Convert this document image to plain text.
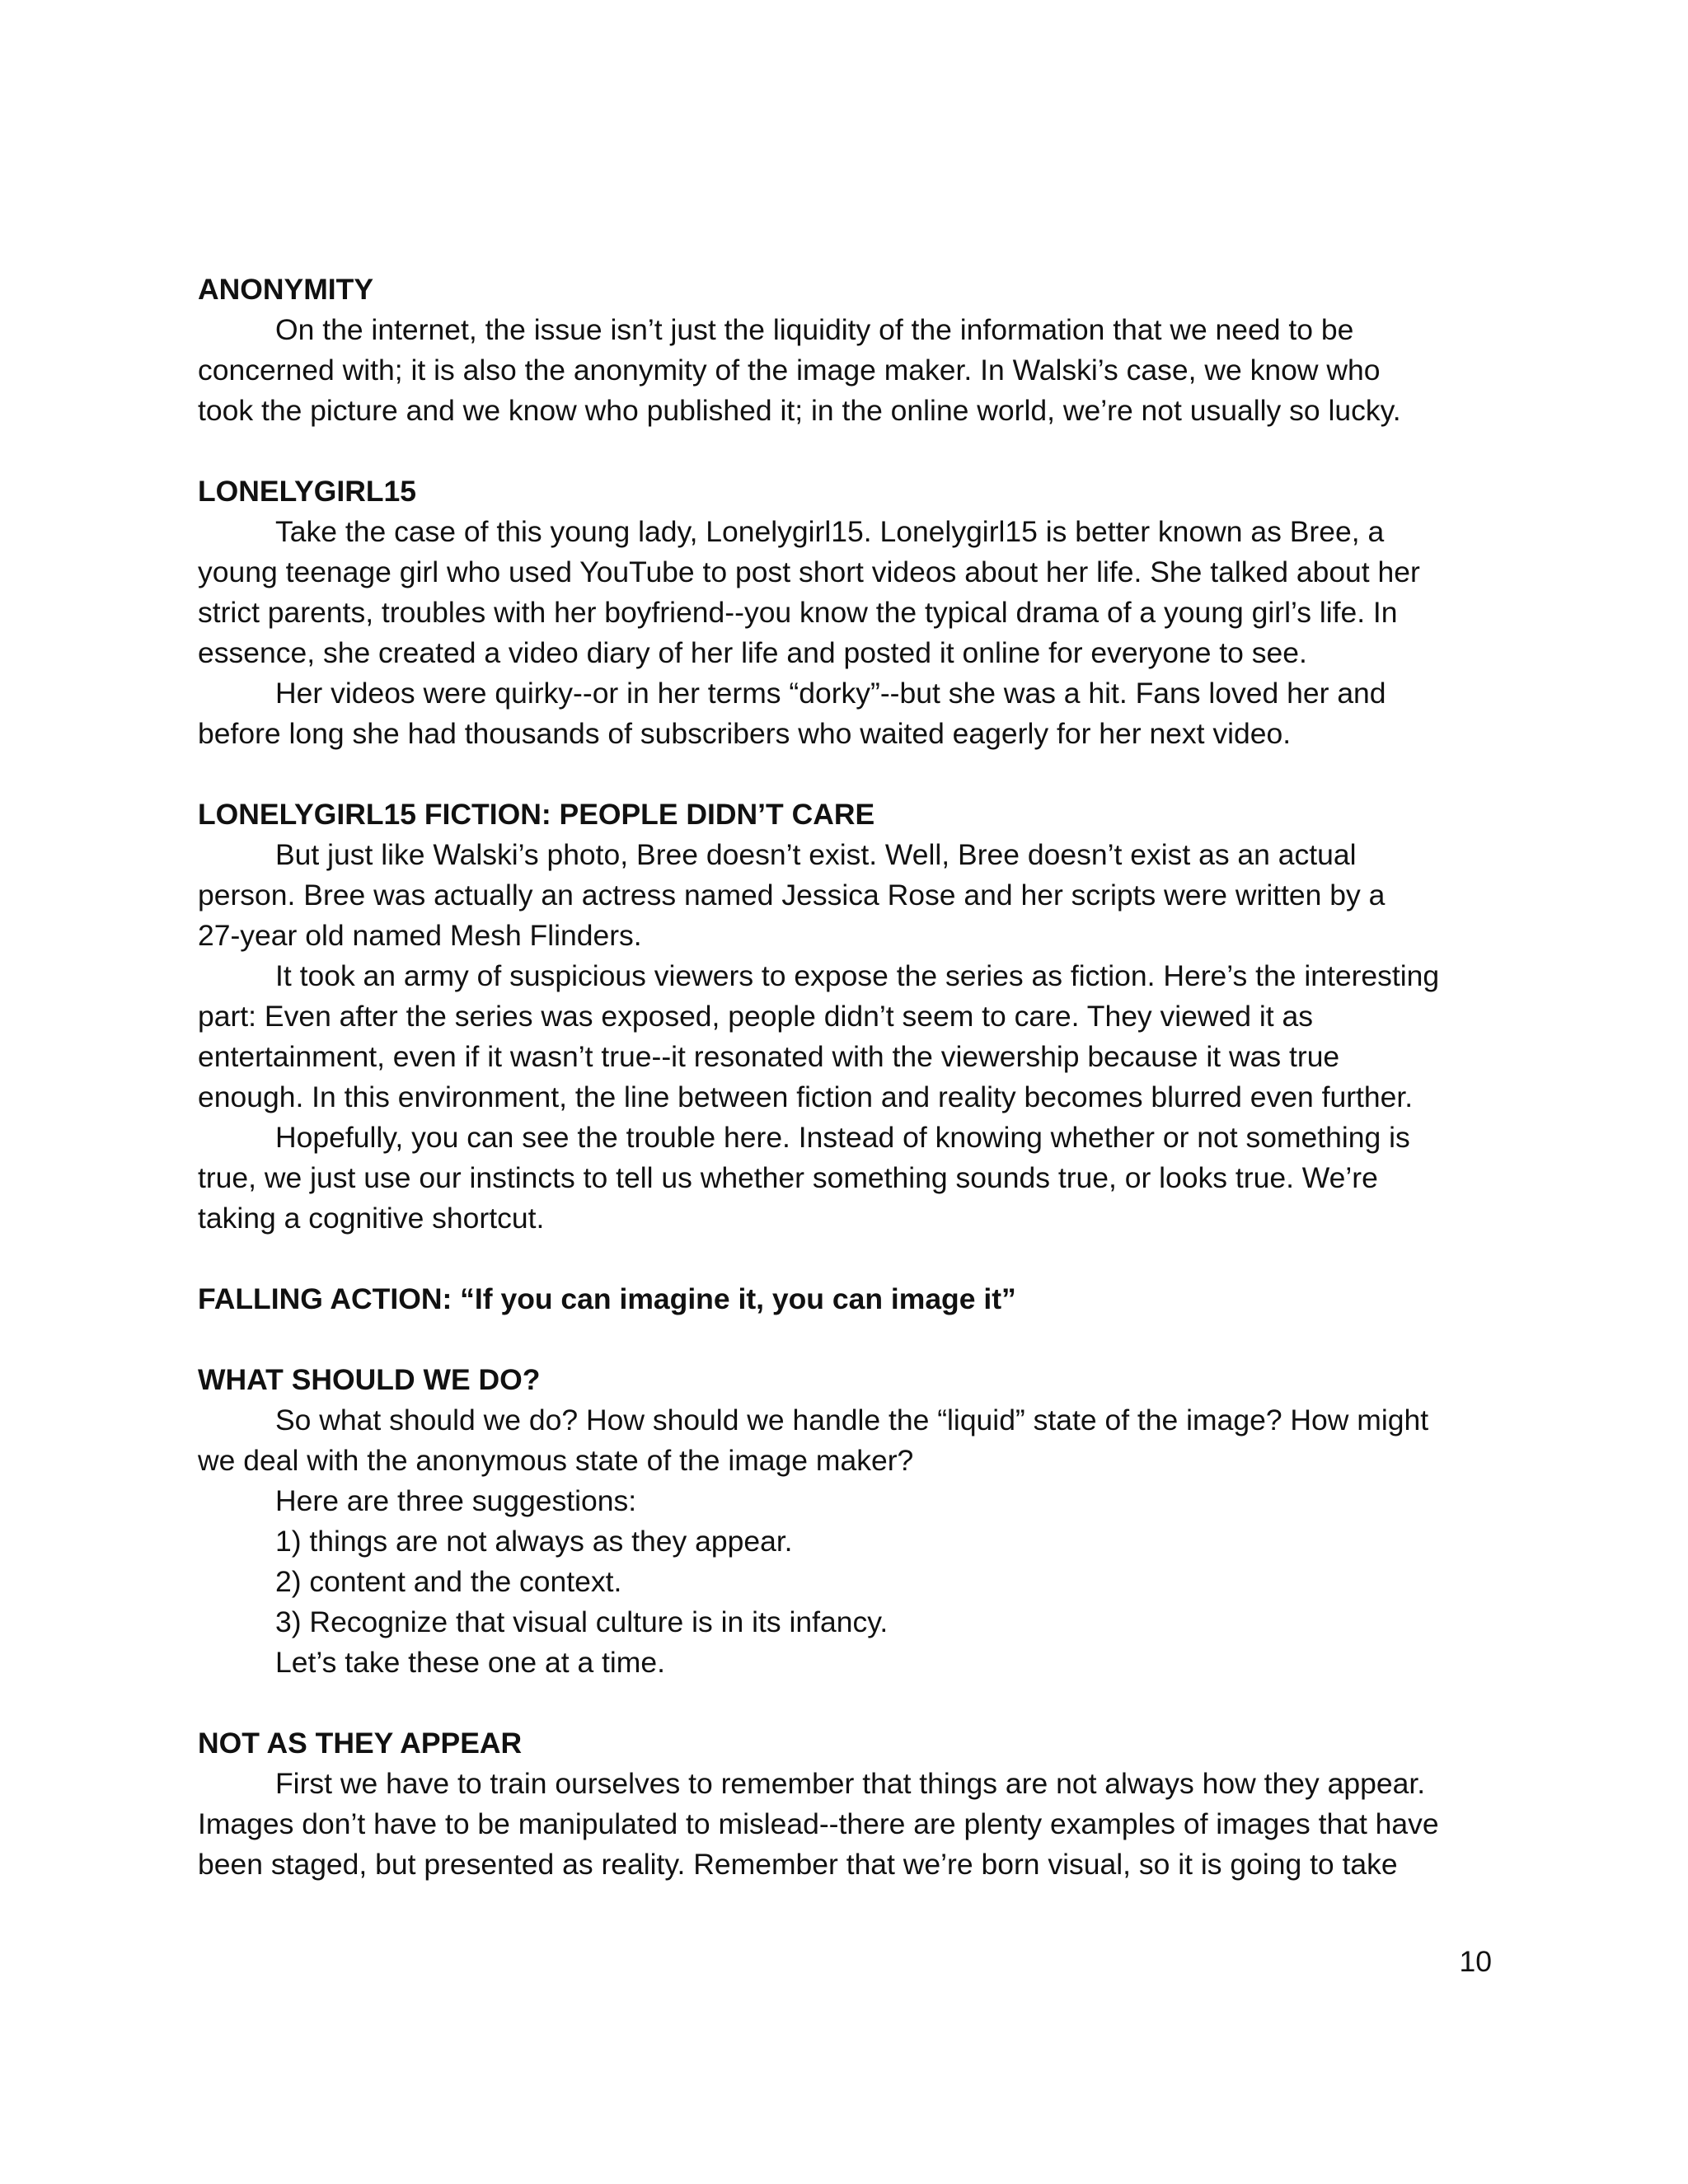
ANONYMITY
On the internet, the issue isn’t just the liquidity of the information that we need to be
concerned with; it is also the anonymity of the image maker. In Walski’s case, we know who
took the picture and we know who published it; in the online world, we’re not usually so lucky.
LONELYGIRL15
Take the case of this young lady, Lonelygirl15. Lonelygirl15 is better known as Bree, a
young teenage girl who used YouTube to post short videos about her life. She talked about her
strict parents, troubles with her boyfriend--you know the typical drama of a young girl’s life. In
essence, she created a video diary of her life and posted it online for everyone to see.
Her videos were quirky--or in her terms “dorky”--but she was a hit. Fans loved her and
before long she had thousands of subscribers who waited eagerly for her next video.
LONELYGIRL15 FICTION: PEOPLE DIDN’T CARE
But just like Walski’s photo, Bree doesn’t exist. Well, Bree doesn’t exist as an actual
person. Bree was actually an actress named Jessica Rose and her scripts were written by a
27-year old named Mesh Flinders.
It took an army of suspicious viewers to expose the series as fiction. Here’s the interesting
part: Even after the series was exposed, people didn’t seem to care. They viewed it as
entertainment, even if it wasn’t true--it resonated with the viewership because it was true
enough. In this environment, the line between fiction and reality becomes blurred even further.
Hopefully, you can see the trouble here. Instead of knowing whether or not something is
true, we just use our instincts to tell us whether something sounds true, or looks true. We’re
taking a cognitive shortcut.
FALLING ACTION: “If you can imagine it, you can image it”
WHAT SHOULD WE DO?
So what should we do? How should we handle the “liquid” state of the image? How might
we deal with the anonymous state of the image maker?
Here are three suggestions:
1) things are not always as they appear.
2) content and the context.
3) Recognize that visual culture is in its infancy.
Let’s take these one at a time.
NOT AS THEY APPEAR
First we have to train ourselves to remember that things are not always how they appear.
Images don’t have to be manipulated to mislead--there are plenty examples of images that have
been staged, but presented as reality. Remember that we’re born visual, so it is going to take
10
